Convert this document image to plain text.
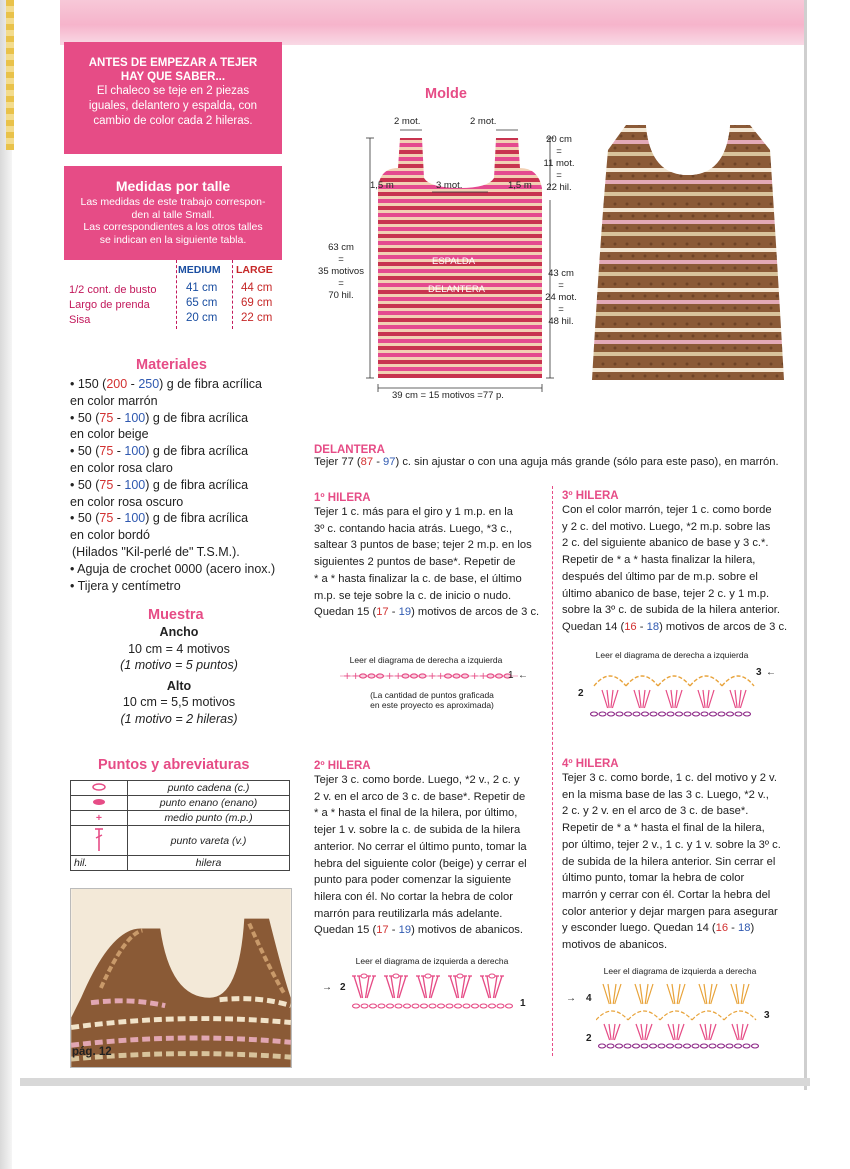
ANTES DE EMPEZAR A TEJER
HAY QUE SABER...
El chaleco se teje en 2 piezas
iguales, delantero y espalda, con
cambio de color cada 2 hileras.
Medidas por talle
Las medidas de este trabajo correspon-
den al talle Small.
Las correspondientes a los otros talles
se indican en la siguiente tabla.
MEDIUM LARGE
1/2 cont. de busto	41 cm 44 cm
Largo de prenda	65 cm 69 cm
Sisa	20 cm 22 cm
Materiales
• 150 (200 - 250) g de fibra acrílica
en color marrón
• 50 (75 - 100) g de fibra acrílica
en color beige
• 50 (75 - 100) g de fibra acrílica
en color rosa claro
• 50 (75 - 100) g de fibra acrílica
en color rosa oscuro
• 50 (75 - 100) g de fibra acrílica
en color bordó
(Hilados "Kil-perlé de" T.S.M.).
• Aguja de crochet 0000 (acero inox.)
• Tijera y centímetro
Muestra
Ancho
10 cm = 4 motivos
(1 motivo = 5 puntos)
Alto
10 cm = 5,5 motivos
(1 motivo = 2 hileras)
Puntos y abreviaturas
	punto cadena (c.)
	punto enano (enano)
+	medio punto (m.p.)
	punto vareta (v.)
hil.	hilera
Molde
2 mot.	2 mot.
1,5 m	1,5 m
3 mot.
20 cm
=
11 mot.
=
22 hil.
63 cm
=
35 motivos
=
70 hil.
43 cm
=
24 mot.
=
48 hil.
ESPALDA
DELANTERA
39 cm = 15 motivos =77 p.
DELANTERA
Tejer 77 (87 - 97) c. sin ajustar o con una aguja más grande (sólo para este paso), en marrón.
1º HILERA
Tejer 1 c. más para el giro y 1 m.p. en la
3º c. contando hacia atrás. Luego, *3 c.,
saltear 3 puntos de base; tejer 2 m.p. en los
siguientes 2 puntos de base*. Repetir de
* a * hasta finalizar la c. de base, el último
m.p. se teje sobre la c. de inicio o nudo.
Quedan 15 (17 - 19) motivos de arcos de 3 c.
Leer el diagrama de derecha a izquierda
+ +	+ +	+ +	+ + 1 ←
(La cantidad de puntos graficada
en este proyecto es aproximada)
2º HILERA
Tejer 3 c. como borde. Luego, *2 v., 2 c. y
2 v. en el arco de 3 c. de base*. Repetir de
* a * hasta el final de la hilera, por último,
tejer 1 v. sobre la c. de subida de la hilera
anterior. No cerrar el último punto, tomar la
hebra del siguiente color (beige) y cerrar el
punto para poder comenzar la siguiente
hilera con él. No cortar la hebra de color
marrón para reutilizarla más adelante.
Quedan 15 (17 - 19) motivos de abanicos.
Leer el diagrama de izquierda a derecha
→ 2
1
3º HILERA
Con el color marrón, tejer 1 c. como borde
y 2 c. del motivo. Luego, *2 m.p. sobre las
2 c. del siguiente abanico de base y 3 c.*.
Repetir de * a * hasta finalizar la hilera,
después del último par de m.p. sobre el
último abanico de base, tejer 2 c. y 1 m.p.
sobre la 3º c. de subida de la hilera anterior.
Quedan 14 (16 - 18) motivos de arcos de 3 c.
Leer el diagrama de derecha a izquierda
3 ←
2
4º HILERA
Tejer 3 c. como borde, 1 c. del motivo y 2 v.
en la misma base de las 3 c. Luego, *2 v.,
2 c. y 2 v. en el arco de 3 c. de base*.
Repetir de * a * hasta el final de la hilera,
por último, tejer 2 v., 1 c. y 1 v. sobre la 3º c.
de subida de la hilera anterior. Sin cerrar el
último punto, tomar la hebra de color
marrón y cerrar con él. Cortar la hebra del
color anterior y dejar margen para asegurar
y esconder luego. Quedan 14 (16 - 18)
motivos de abanicos.
Leer el diagrama de izquierda a derecha
→ 4
3
2
pág. 12
